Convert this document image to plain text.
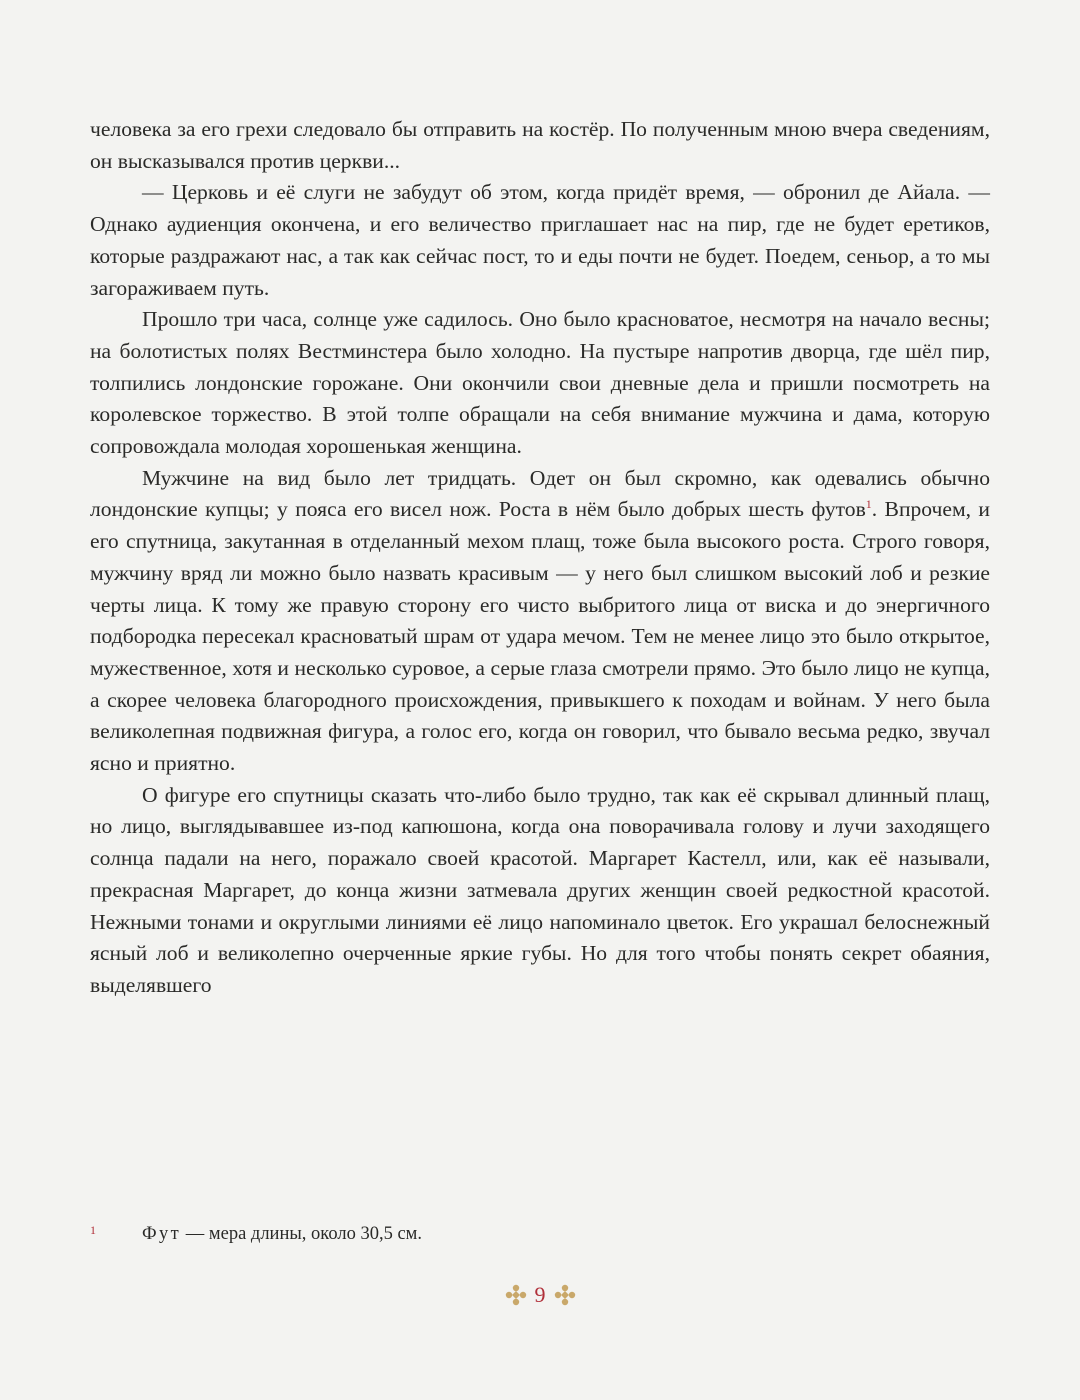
человека за его грехи следовало бы отправить на костёр. По полученным мною вчера сведениям, он высказывался против церкви...

— Церковь и её слуги не забудут об этом, когда придёт время, — обронил де Айала. — Однако аудиенция окончена, и его величество приглашает нас на пир, где не будет еретиков, которые раздражают нас, а так как сейчас пост, то и еды почти не будет. Поедем, сеньор, а то мы загораживаем путь.

Прошло три часа, солнце уже садилось. Оно было красноватое, несмотря на начало весны; на болотистых полях Вестминстера было холодно. На пустыре напротив дворца, где шёл пир, толпились лондонские горожане. Они окончили свои дневные дела и пришли посмотреть на королевское торжество. В этой толпе обращали на себя внимание мужчина и дама, которую сопровождала молодая хорошенькая женщина.

Мужчине на вид было лет тридцать. Одет он был скромно, как одевались обычно лондонские купцы; у пояса его висел нож. Роста в нём было добрых шесть футов$^1$. Впрочем, и его спутница, закутанная в отделанный мехом плащ, тоже была высокого роста. Строго говоря, мужчину вряд ли можно было назвать красивым — у него был слишком высокий лоб и резкие черты лица. К тому же правую сторону его чисто выбритого лица от виска и до энергичного подбородка пересекал красноватый шрам от удара мечом. Тем не менее лицо это было открытое, мужественное, хотя и несколько суровое, а серые глаза смотрели прямо. Это было лицо не купца, а скорее человека благородного происхождения, привыкшего к походам и войнам. У него была великолепная подвижная фигура, а голос его, когда он говорил, что бывало весьма редко, звучал ясно и приятно.

О фигуре его спутницы сказать что-либо было трудно, так как её скрывал длинный плащ, но лицо, выглядывавшее из-под капюшона, когда она поворачивала голову и лучи заходящего солнца падали на него, поражало своей красотой. Маргарет Кастелл, или, как её называли, прекрасная Маргарет, до конца жизни затмевала других женщин своей редкостной красотой. Нежными тонами и округлыми линиями её лицо напоминало цветок. Его украшал белоснежный ясный лоб и великолепно очерченные яркие губы. Но для того чтобы понять секрет обаяния, выделявшего

1 Фут — мера длины, около 30,5 см.
9
